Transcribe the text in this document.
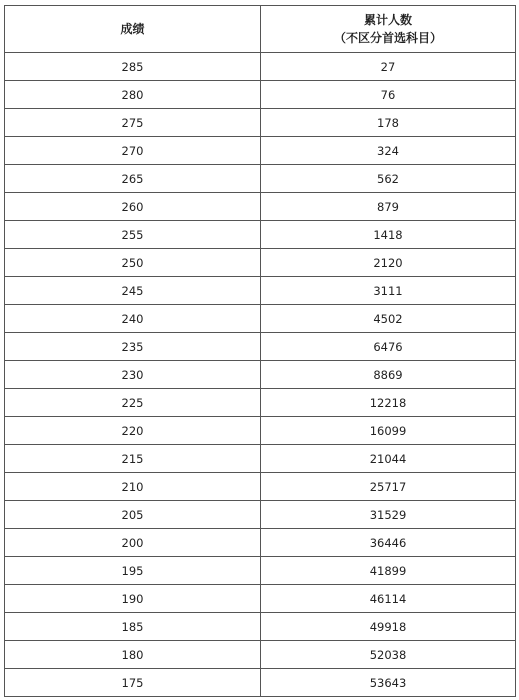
成绩	累计人数
（不区分首选科目）

285	27
280	76
275	178
270	324
265	562
260	879
255	1418
250	2120
245	3111
240	4502
235	6476
230	8869
225	12218
220	16099
215	21044
210	25717
205	31529
200	36446
195	41899
190	46114
185	49918
180	52038
175	53643
